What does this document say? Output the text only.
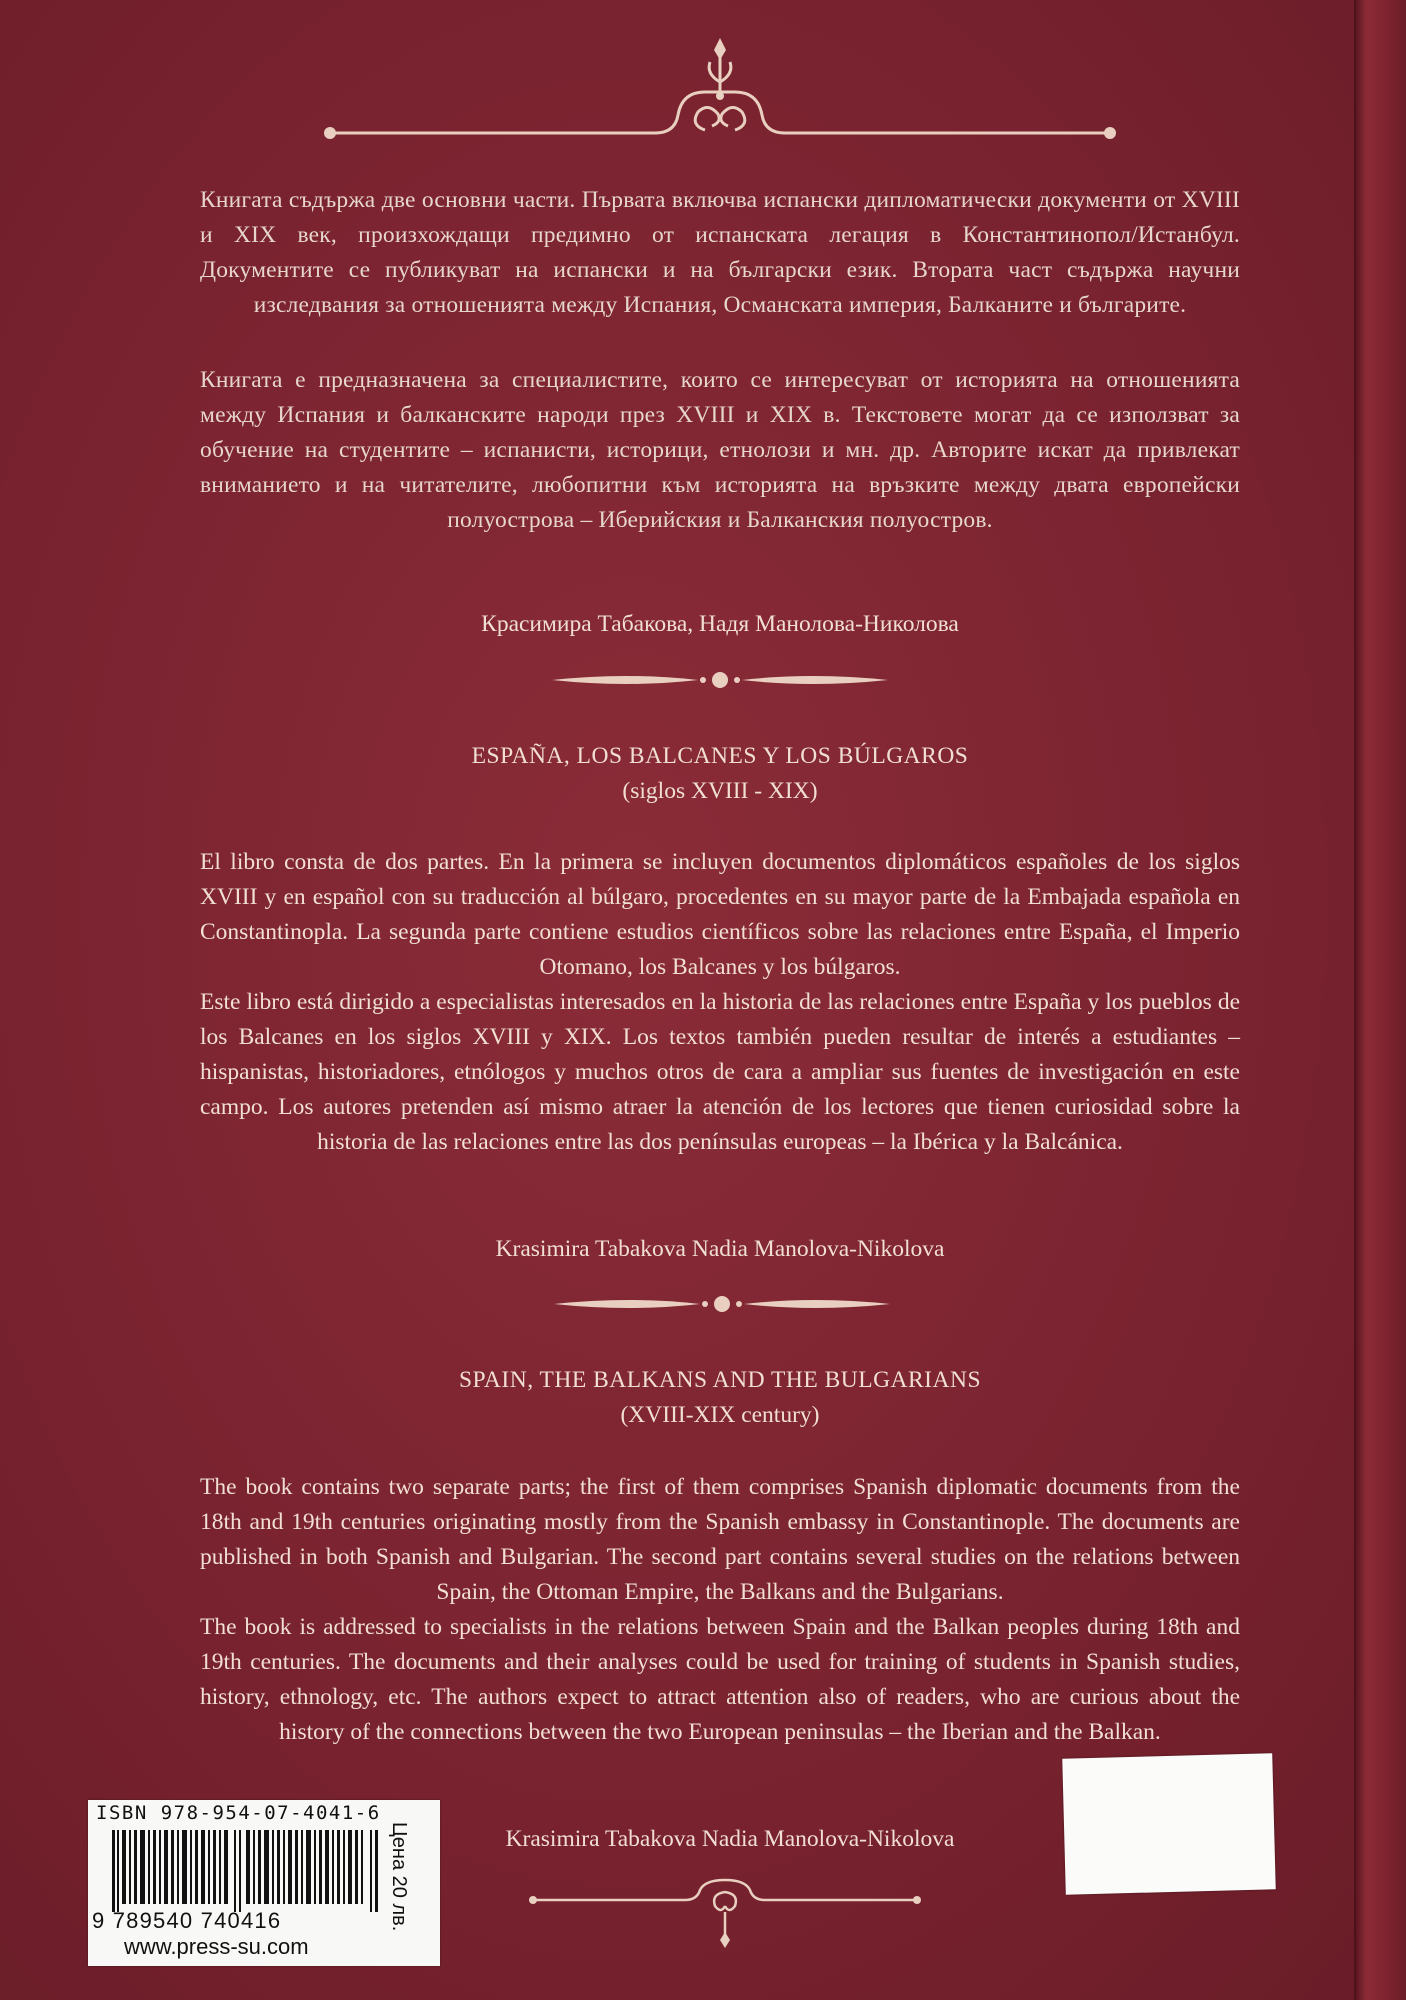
Книгата съдържа две основни части. Първата включва испански дипломатически документи от XVIII и XIX век, произхождащи предимно от испанската легация в Константинопол/Истанбул. Документите се публикуват на испански и на български език. Втората част съдържа научни изследвания за отношенията между Испания, Османската империя, Балканите и българите.
Книгата е предназначена за специалистите, които се интересуват от историята на отношенията между Испания и балканските народи през XVIII и XIX в. Текстовете могат да се използват за обучение на студентите – испанисти, историци, етнолози и мн. др. Авторите искат да привлекат вниманието и на читателите, любопитни към историята на връзките между двата европейски полуострова – Иберийския и Балканския полуостров.
Красимира Табакова, Надя Манолова-Николова
ESPAÑA, LOS BALCANES Y LOS BÚLGAROS
(siglos XVIII - XIX)
El libro consta de dos partes. En la primera se incluyen documentos diplomáticos españoles de los siglos XVIII y en español con su traducción al búlgaro, procedentes en su mayor parte de la Embajada española en Constantinopla. La segunda parte contiene estudios científicos sobre las relaciones entre España, el Imperio Otomano, los Balcanes y los búlgaros.
Este libro está dirigido a especialistas interesados en la historia de las relaciones entre España y los pueblos de los Balcanes en los siglos XVIII y XIX. Los textos también pueden resultar de interés a estudiantes – hispanistas, historiadores, etnólogos y muchos otros de cara a ampliar sus fuentes de investigación en este campo. Los autores pretenden así mismo atraer la atención de los lectores que tienen curiosidad sobre la historia de las relaciones entre las dos penínsulas europeas – la Ibérica y la Balcánica.
Krasimira Tabakova Nadia Manolova-Nikolova
SPAIN, THE BALKANS AND THE BULGARIANS
(XVIII-XIX century)
The book contains two separate parts; the first of them comprises Spanish diplomatic documents from the 18th and 19th centuries originating mostly from the Spanish embassy in Constantinople. The documents are published in both Spanish and Bulgarian. The second part contains several studies on the relations between Spain, the Ottoman Empire, the Balkans and the Bulgarians.
The book is addressed to specialists in the relations between Spain and the Balkan peoples during 18th and 19th centuries. The documents and their analyses could be used for training of students in Spanish studies, history, ethnology, etc. The authors expect to attract attention also of readers, who are curious about the history of the connections between the two European peninsulas – the Iberian and the Balkan.
Krasimira Tabakova Nadia Manolova-Nikolova
ISBN 978-954-07-4041-6
9 789540 740416
www.press-su.com
Цена 20 лв.
